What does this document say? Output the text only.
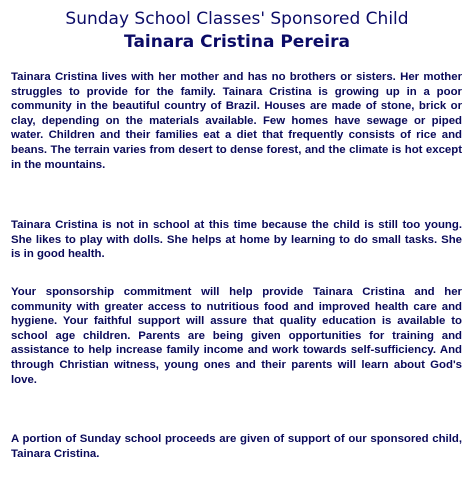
Sunday School Classes' Sponsored Child
Tainara Cristina Pereira

Tainara Cristina lives with her mother and has no brothers or sisters. Her mother struggles to provide for the family. Tainara Cristina is growing up in a poor community in the beautiful country of Brazil. Houses are made of stone, brick or clay, depending on the materials available. Few homes have sewage or piped water. Children and their families eat a diet that frequently consists of rice and beans. The terrain varies from desert to dense forest, and the climate is hot except in the mountains.

Tainara Cristina is not in school at this time because the child is still too young. She likes to play with dolls. She helps at home by learning to do small tasks. She is in good health.

Your sponsorship commitment will help provide Tainara Cristina and her community with greater access to nutritious food and improved health care and hygiene. Your faithful support will assure that quality education is available to school age children. Parents are being given opportunities for training and assistance to help increase family income and work towards self-sufficiency. And through Christian witness, young ones and their parents will learn about God's love.

A portion of Sunday school proceeds are given of support of our sponsored child, Tainara Cristina.
